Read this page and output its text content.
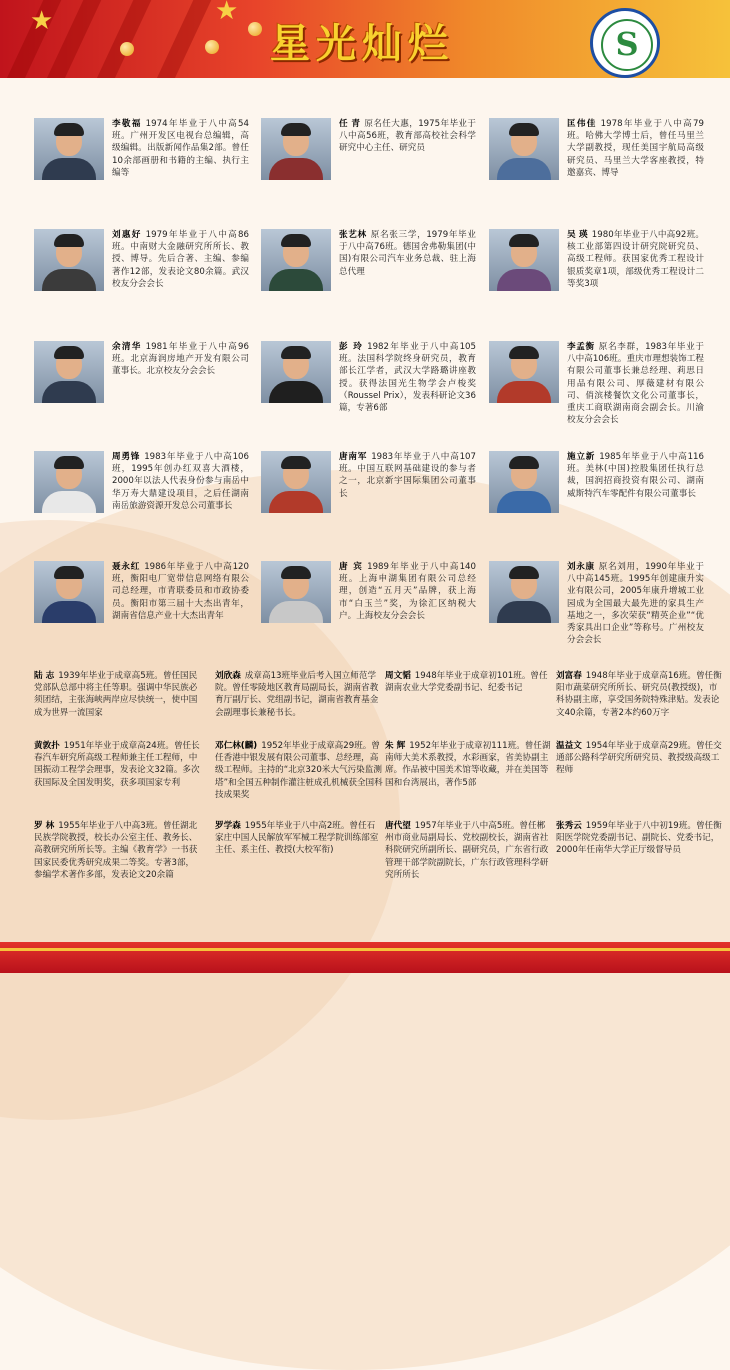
★	★
星光灿烂	S
李敬福 1974年毕业于八中高54班。广州开发区电视台总编辑，高级编辑。出版新闻作品集2部。曾任10余部画册和书籍的主编、执行主编等
任 青 原名任大惠，1975年毕业于八中高56班，教育部高校社会科学研究中心主任、研究员
匡伟佳 1978年毕业于八中高79班。哈佛大学博士后，曾任马里兰大学副教授，现任美国宇航局高级研究员、马里兰大学客座教授，特邀嘉宾、博导
刘惠好 1979年毕业于八中高86班。中南财大金融研究所所长、教授、博导。先后合著、主编、参编著作12部，发表论文80余篇。武汉校友分会会长
张艺林 原名张三学，1979年毕业于八中高76班。德国舍弗勒集团(中国)有限公司汽车业务总裁、驻上海总代理
吴 瑛 1980年毕业于八中高92班。核工业部第四设计研究院研究员、高级工程师。获国家优秀工程设计银质奖章1项，部级优秀工程设计二等奖3项
余清华 1981年毕业于八中高96班。北京海润房地产开发有限公司董事长。北京校友分会会长
彭 玲 1982年毕业于八中高105班。法国科学院终身研究员，教育部长江学者，武汉大学路璐讲座教授。获得法国光生物学会卢梭奖（Roussel Prix），发表科研论文36篇，专著6部
李孟衡 原名李群，1983年毕业于八中高106班。重庆市理想装饰工程有限公司董事长兼总经理、莉思日用品有限公司、厚薇建材有限公司、俏滨楼餐饮文化公司董事长，重庆工商联湖南商会副会长。川渝校友分会会长
周勇锋 1983年毕业于八中高106班，1995年创办红双喜大酒楼，2000年以法人代表身份参与南岳中华万寿大鼎建设项目，之后任湖南南岳旅游资源开发总公司董事长
唐南军 1983年毕业于八中高107班。中国互联网基础建设的参与者之一，北京新宇国际集团公司董事长
施立新 1985年毕业于八中高116班。美林(中国)控股集团任执行总裁，国润招商投资有限公司、湖南威斯特汽车零配件有限公司董事长
聂永红 1986年毕业于八中高120班，衡阳电厂宽带信息网络有限公司总经理，市青联委员和市政协委员。衡阳市第三届十大杰出青年，湖南省信息产业十大杰出青年
唐 宾 1989年毕业于八中高140班。上海申湖集团有限公司总经理，创造“五月天”品牌，获上海市“白玉兰”奖，为徐汇区纳税大户。上海校友分会会长
刘永康 原名刘用，1990年毕业于八中高145班。1995年创建康升实业有限公司，2005年康升增城工业园成为全国最大最先进的家具生产基地之一，多次荣获“精英企业”“优秀家具出口企业”等称号。广州校友分会会长
陆 志 1939年毕业于成章高5班。曾任国民党部队总部中将主任等职。强调中华民族必须团结，主张海峡两岸应尽快统一，使中国成为世界一流国家
刘欣森 成章高13班毕业后考入国立师范学院。曾任零陵地区教育局副局长，湖南省教育厅副厅长、党组副书记，湖南省教育基金会副理事长兼秘书长。
周文韬 1948年毕业于成章初101班。曾任湖南农业大学党委副书记、纪委书记
刘富春 1948年毕业于成章高16班。曾任衡阳市蔬菜研究所所长、研究员(教授级)，市科协副主席，享受国务院特殊津贴。发表论文40余篇，专著2本约60万字
黄敦扑 1951年毕业于成章高24班。曾任长春汽车研究所高级工程师兼主任工程师，中国振动工程学会理事，发表论文32篇。多次获国际及全国发明奖，获多项国家专利
邓仁林(麟) 1952年毕业于成章高29班。曾任香港中银发展有限公司董事、总经理，高级工程师。主持的“北京320米大气污染监测塔”和全国五种制作灌注桩成孔机械获全国科技成果奖
朱 辉 1952年毕业于成章初111班。曾任湖南师大美术系教授，水彩画家，省美协副主席。作品被中国美术馆等收藏，并在美国等国和台湾展出，著作5部
温益文 1954年毕业于成章高29班。曾任交通部公路科学研究所研究员、教授级高级工程师
罗 林 1955年毕业于八中高3班。曾任湖北民族学院教授，校长办公室主任、教务长、高教研究所所长等。主编《教育学》一书获国家民委优秀研究成果二等奖。专著3部，参编学术著作多部，发表论文20余篇
罗学森 1955年毕业于八中高2班。曾任石家庄中国人民解放军军械工程学院训练部室主任、系主任、教授(大校军衔)
唐代望 1957年毕业于八中高5班。曾任郴州市商业局副局长、党校副校长，湖南省社科院研究所副所长、副研究员，广东省行政管理干部学院副院长，广东行政管理科学研究所所长
张秀云 1959年毕业于八中初19班。曾任衡阳医学院党委副书记、副院长、党委书记，2000年任南华大学正厅级督导员
